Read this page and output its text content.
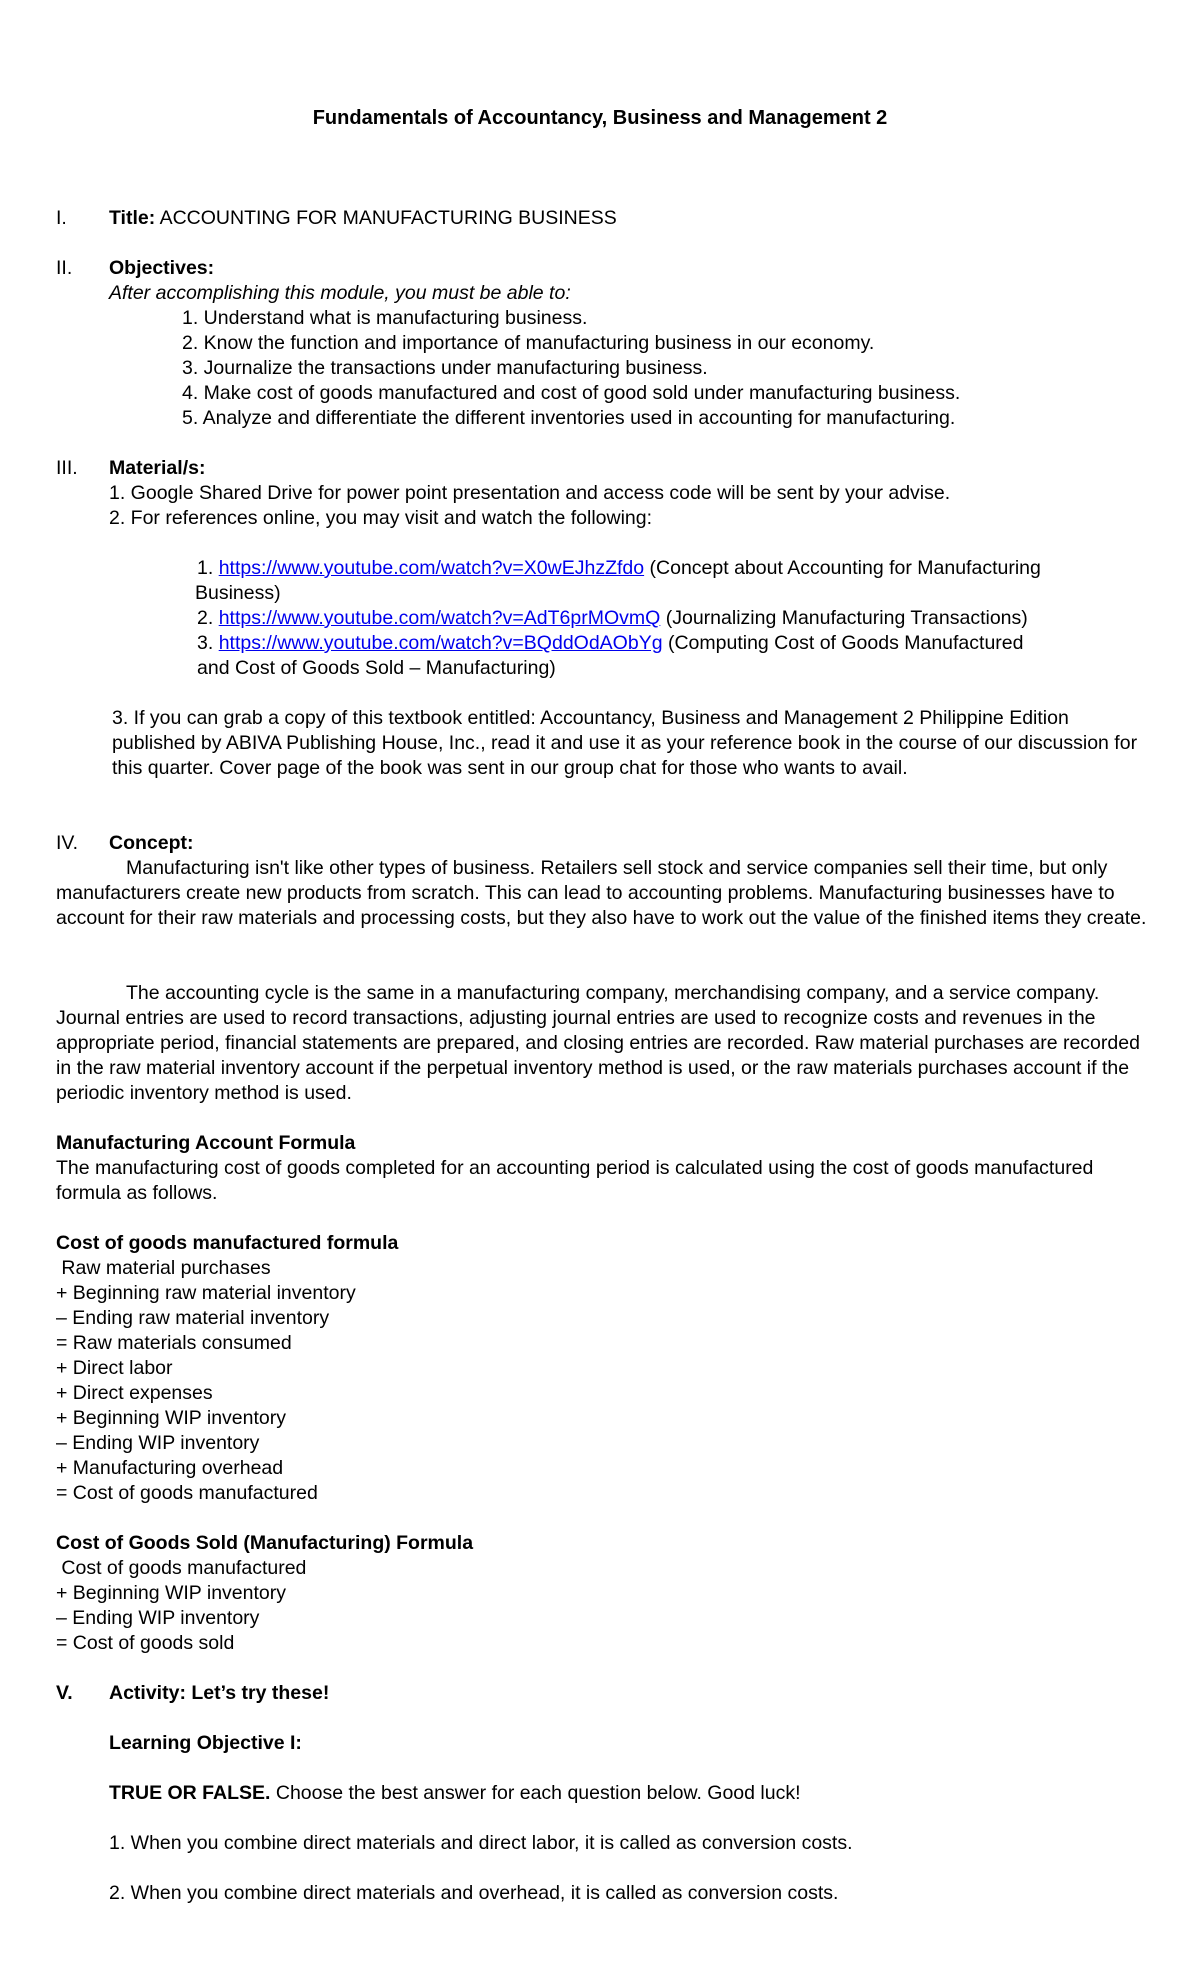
Fundamentals of Accountancy, Business and Management 2
I. Title: ACCOUNTING FOR MANUFACTURING BUSINESS
II. Objectives:
After accomplishing this module, you must be able to:
1. Understand what is manufacturing business.
2. Know the function and importance of manufacturing business in our economy.
3. Journalize the transactions under manufacturing business.
4. Make cost of goods manufactured and cost of good sold under manufacturing business.
5. Analyze and differentiate the different inventories used in accounting for manufacturing.
III. Material/s:
1. Google Shared Drive for power point presentation and access code will be sent by your advise.
2. For references online, you may visit and watch the following:
1. https://www.youtube.com/watch?v=X0wEJhzZfdo (Concept about Accounting for Manufacturing
Business)
2. https://www.youtube.com/watch?v=AdT6prMOvmQ (Journalizing Manufacturing Transactions)
3. https://www.youtube.com/watch?v=BQddOdAObYg (Computing Cost of Goods Manufactured
and Cost of Goods Sold – Manufacturing)
3. If you can grab a copy of this textbook entitled: Accountancy, Business and Management 2 Philippine Edition published by ABIVA Publishing House, Inc., read it and use it as your reference book in the course of our discussion for this quarter. Cover page of the book was sent in our group chat for those who wants to avail.
IV. Concept:
Manufacturing isn't like other types of business. Retailers sell stock and service companies sell their time, but only manufacturers create new products from scratch. This can lead to accounting problems. Manufacturing businesses have to account for their raw materials and processing costs, but they also have to work out the value of the finished items they create.
The accounting cycle is the same in a manufacturing company, merchandising company, and a service company. Journal entries are used to record transactions, adjusting journal entries are used to recognize costs and revenues in the appropriate period, financial statements are prepared, and closing entries are recorded. Raw material purchases are recorded in the raw material inventory account if the perpetual inventory method is used, or the raw materials purchases account if the periodic inventory method is used.
Manufacturing Account Formula
The manufacturing cost of goods completed for an accounting period is calculated using the cost of goods manufactured formula as follows.
Cost of goods manufactured formula
Raw material purchases
+ Beginning raw material inventory
– Ending raw material inventory
= Raw materials consumed
+ Direct labor
+ Direct expenses
+ Beginning WIP inventory
– Ending WIP inventory
+ Manufacturing overhead
= Cost of goods manufactured
Cost of Goods Sold (Manufacturing) Formula
Cost of goods manufactured
+ Beginning WIP inventory
– Ending WIP inventory
= Cost of goods sold
V. Activity: Let’s try these!
Learning Objective I:
TRUE OR FALSE. Choose the best answer for each question below. Good luck!
1. When you combine direct materials and direct labor, it is called as conversion costs.
2. When you combine direct materials and overhead, it is called as conversion costs.
